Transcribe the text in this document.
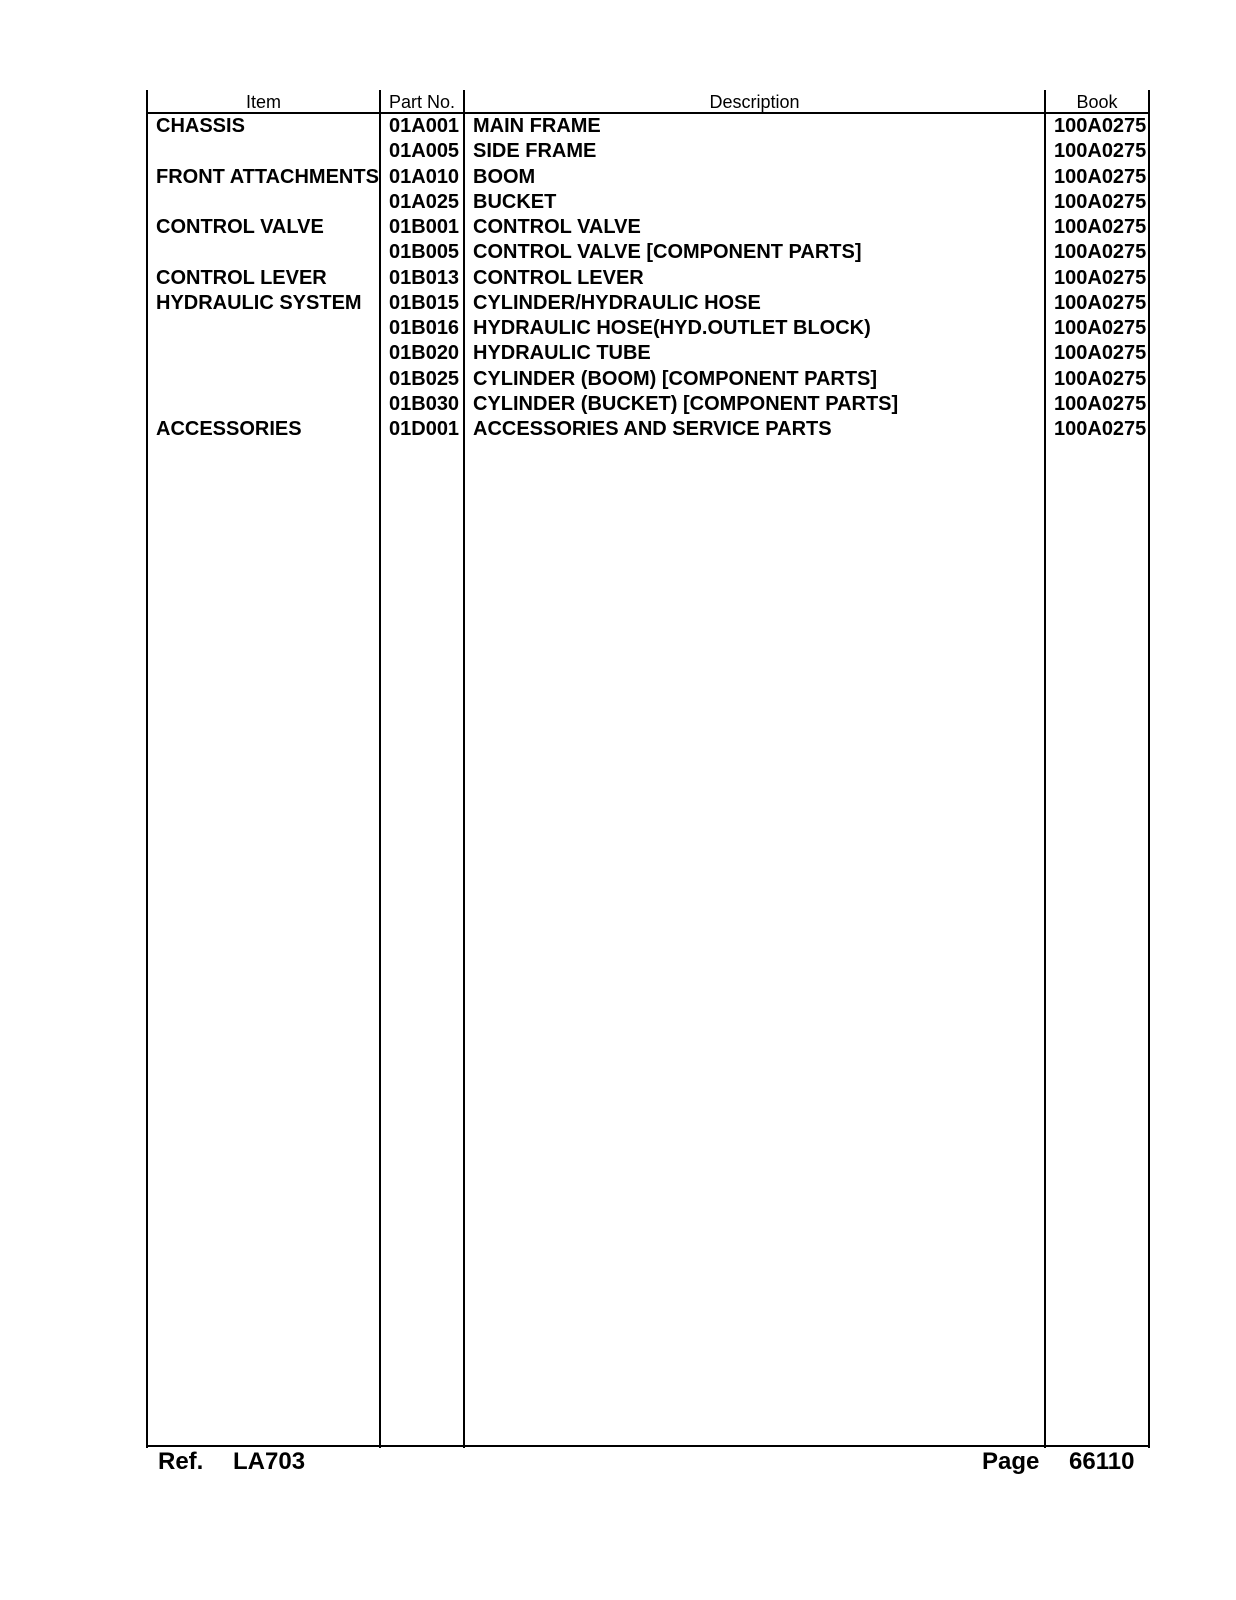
Item	Part No.	Description	Book
CHASSIS	01A001 MAIN FRAME	100A0275
01A005 SIDE FRAME	100A0275
FRONT ATTACHMENTS 01A010 BOOM	100A0275
01A025 BUCKET	100A0275
CONTROL VALVE	01B001 CONTROL VALVE	100A0275
01B005 CONTROL VALVE [COMPONENT PARTS]	100A0275
CONTROL LEVER	01B013 CONTROL LEVER	100A0275
HYDRAULIC SYSTEM 01B015 CYLINDER/HYDRAULIC HOSE	100A0275
01B016 HYDRAULIC HOSE(HYD.OUTLET BLOCK)	100A0275
01B020 HYDRAULIC TUBE	100A0275
01B025 CYLINDER (BOOM) [COMPONENT PARTS]	100A0275
01B030 CYLINDER (BUCKET) [COMPONENT PARTS]	100A0275
ACCESSORIES	01D001 ACCESSORIES AND SERVICE PARTS	100A0275
Ref. LA703	Page 66110
